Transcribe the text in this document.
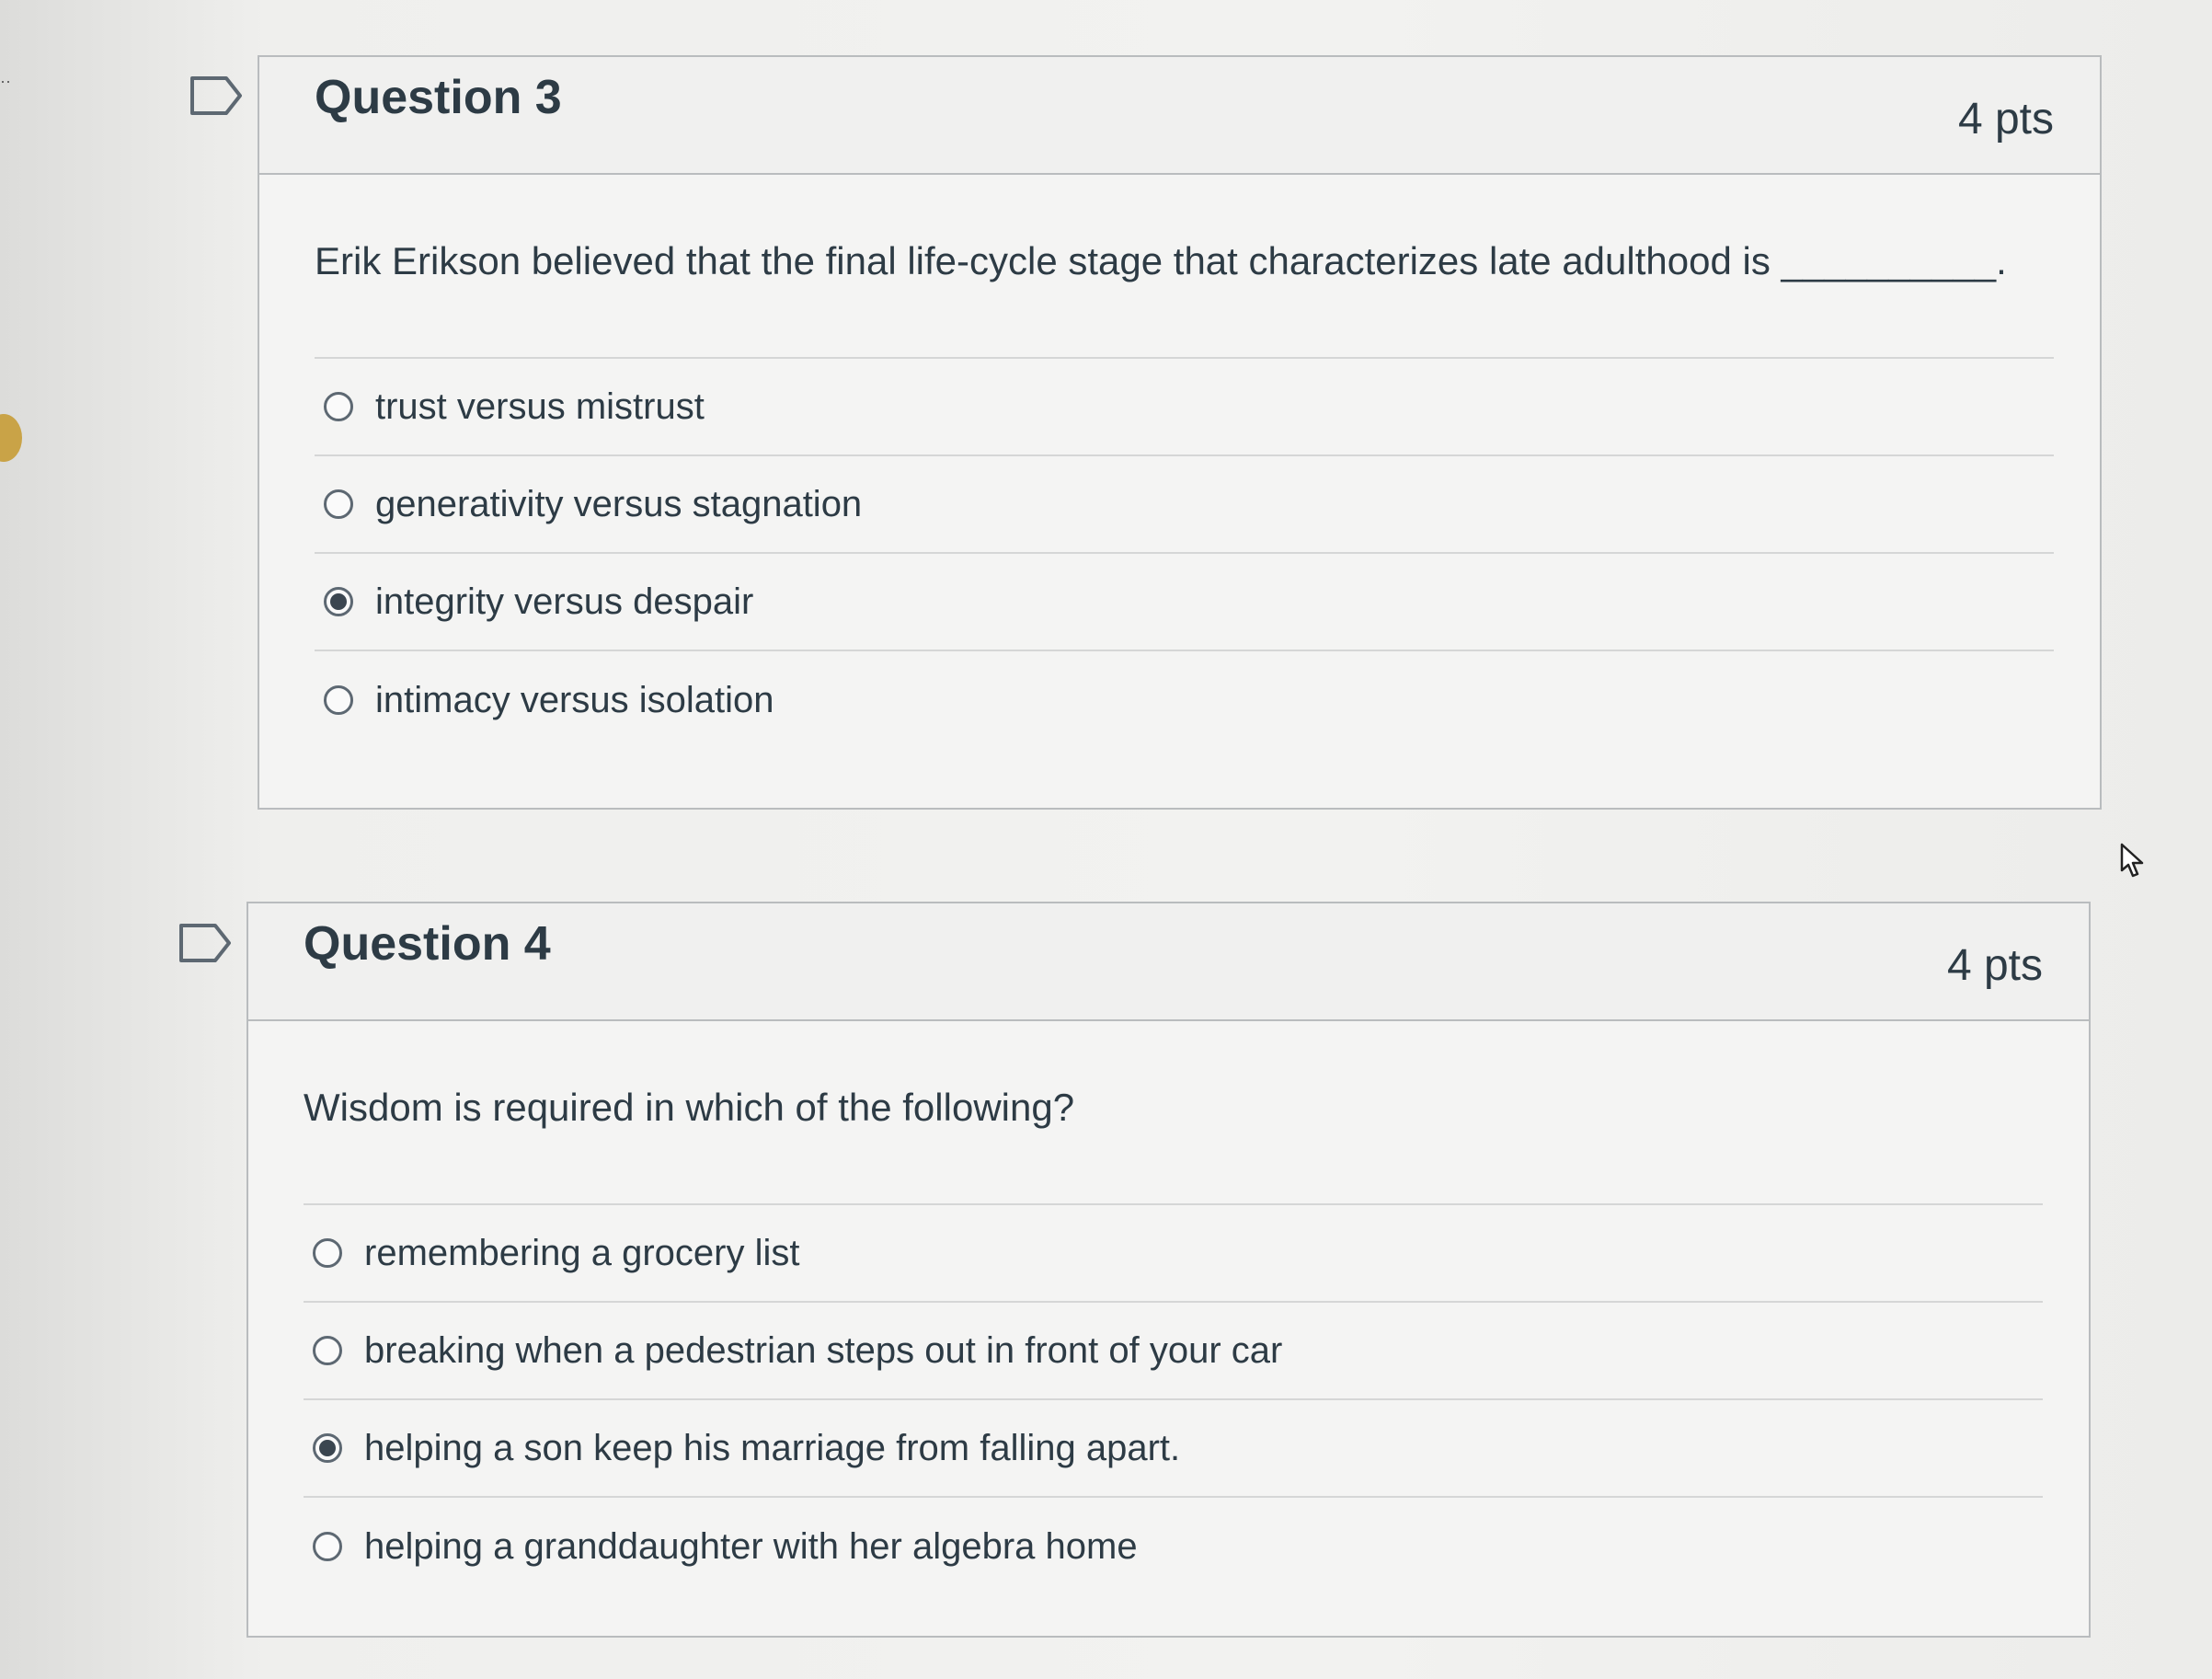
··	Question 3	4 pts
Erik Erikson believed that the final life-cycle stage that characterizes late adulthood is __________.
trust versus mistrust
generativity versus stagnation
integrity versus despair
intimacy versus isolation
Question 4	4 pts
Wisdom is required in which of the following?
remembering a grocery list
breaking when a pedestrian steps out in front of your car
helping a son keep his marriage from falling apart.
helping a granddaughter with her algebra home
